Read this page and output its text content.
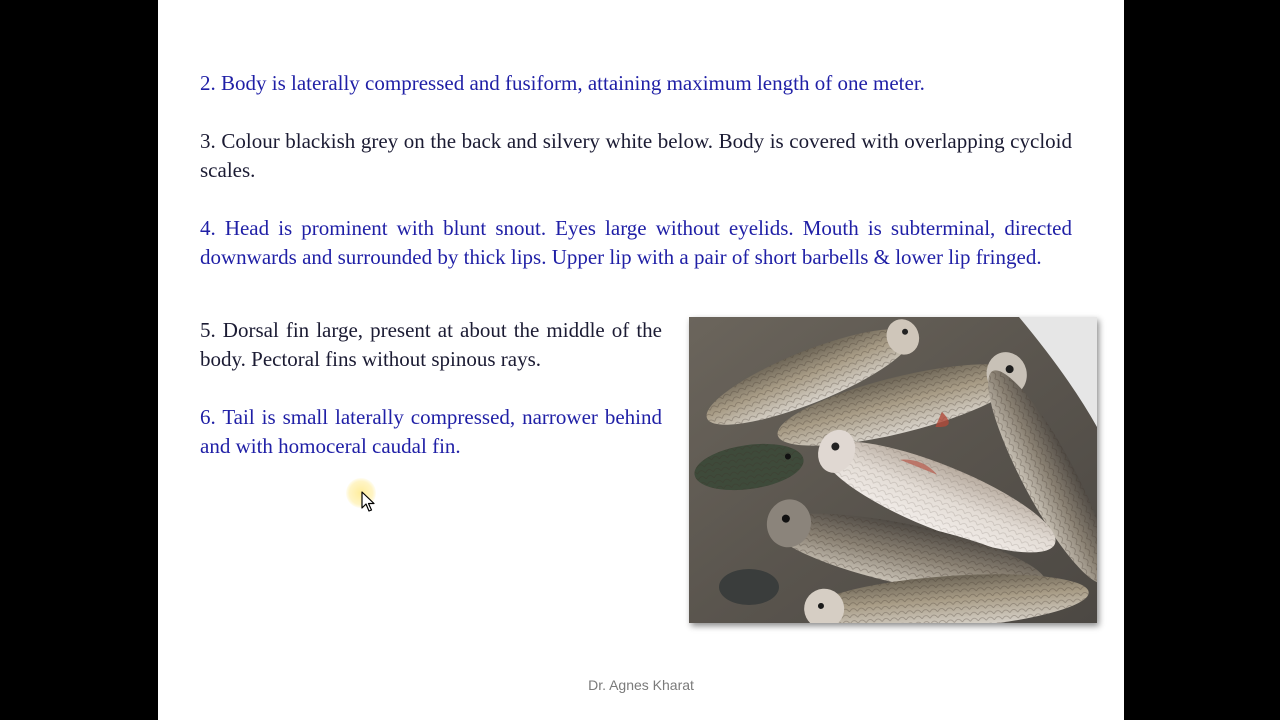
2. Body is laterally compressed and fusiform, attaining maximum length of one meter.

3. Colour blackish grey on the back and silvery white below. Body is covered with overlapping cycloid scales.

4. Head is prominent with blunt snout. Eyes large without eyelids. Mouth is subterminal, directed downwards and surrounded by thick lips. Upper lip with a pair of short barbells & lower lip fringed.

5. Dorsal fin large, present at about the middle of the body. Pectoral fins without spinous rays.

6. Tail is small laterally compressed, narrower behind and with homoceral caudal fin.

Dr. Agnes Kharat
